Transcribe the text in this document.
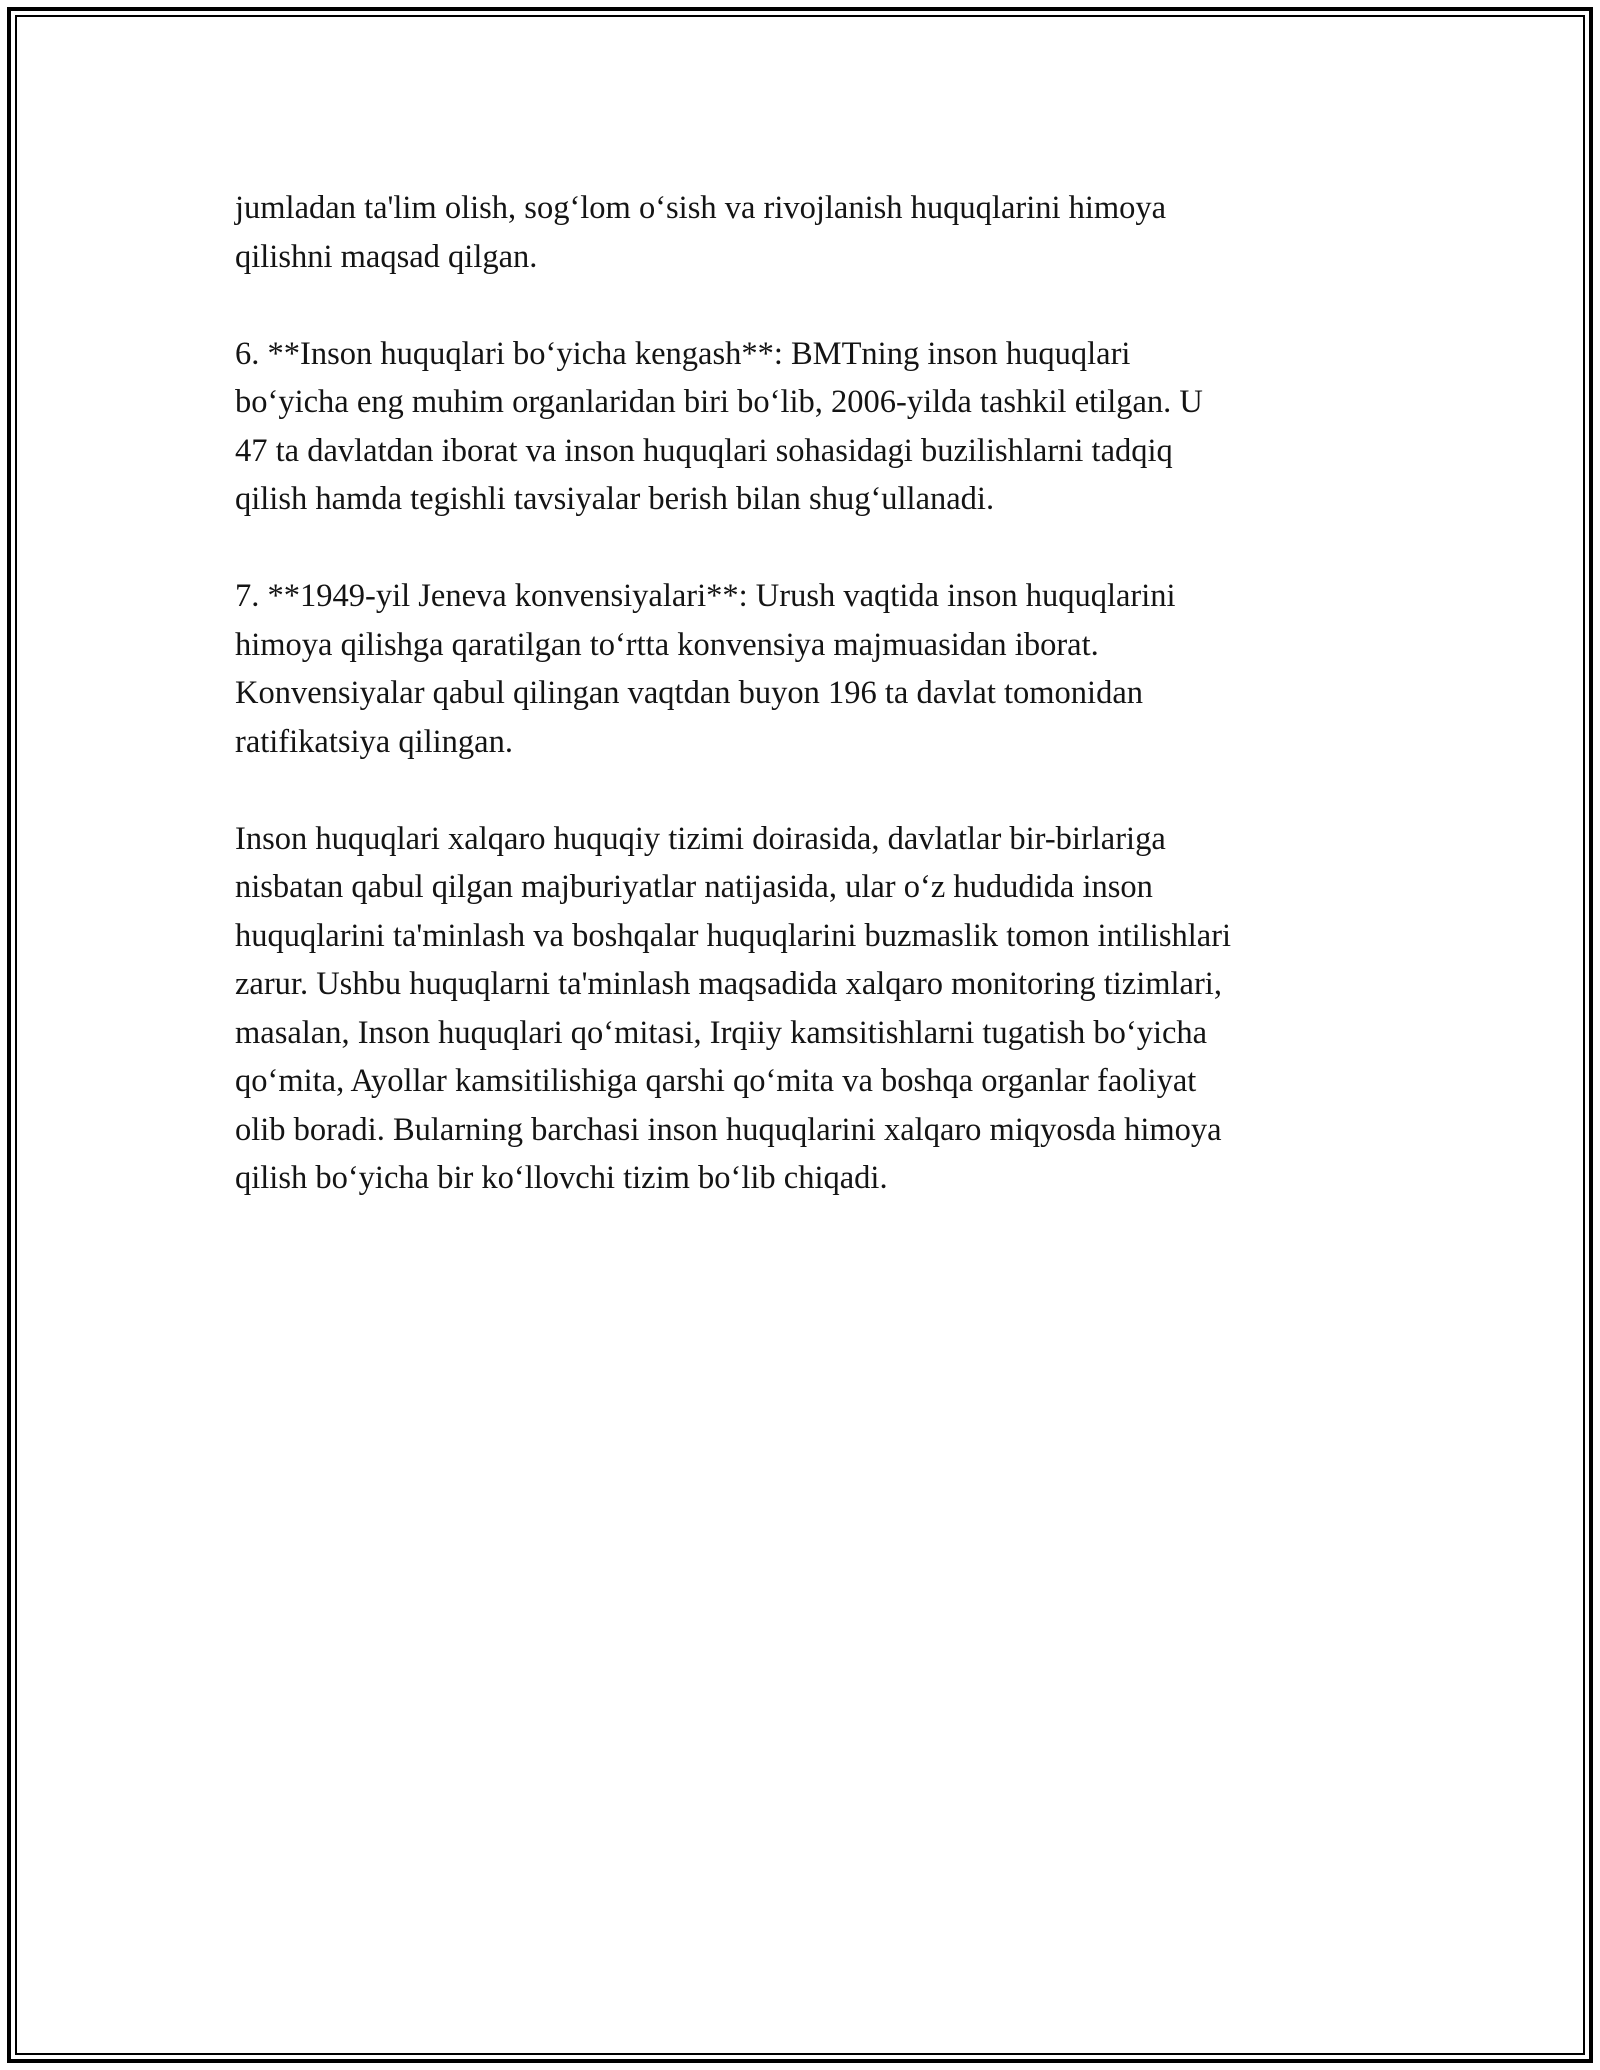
jumladan ta'lim olish, sog‘lom o‘sish va rivojlanish huquqlarini himoya
qilishni maqsad qilgan.

6. **Inson huquqlari bo‘yicha kengash**: BMTning inson huquqlari
bo‘yicha eng muhim organlaridan biri bo‘lib, 2006-yilda tashkil etilgan. U
47 ta davlatdan iborat va inson huquqlari sohasidagi buzilishlarni tadqiq
qilish hamda tegishli tavsiyalar berish bilan shug‘ullanadi.

7. **1949-yil Jeneva konvensiyalari**: Urush vaqtida inson huquqlarini
himoya qilishga qaratilgan to‘rtta konvensiya majmuasidan iborat.
Konvensiyalar qabul qilingan vaqtdan buyon 196 ta davlat tomonidan
ratifikatsiya qilingan.

Inson huquqlari xalqaro huquqiy tizimi doirasida, davlatlar bir-birlariga
nisbatan qabul qilgan majburiyatlar natijasida, ular o‘z hududida inson
huquqlarini ta'minlash va boshqalar huquqlarini buzmaslik tomon intilishlari
zarur. Ushbu huquqlarni ta'minlash maqsadida xalqaro monitoring tizimlari,
masalan, Inson huquqlari qo‘mitasi, Irqiiy kamsitishlarni tugatish bo‘yicha
qo‘mita, Ayollar kamsitilishiga qarshi qo‘mita va boshqa organlar faoliyat
olib boradi. Bularning barchasi inson huquqlarini xalqaro miqyosda himoya
qilish bo‘yicha bir ko‘llovchi tizim bo‘lib chiqadi.
